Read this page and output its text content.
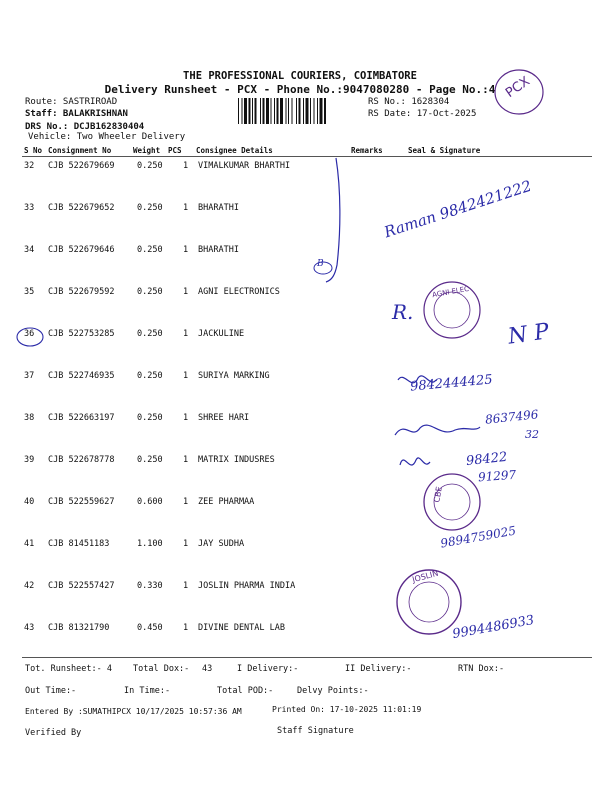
THE PROFESSIONAL COURIERS, COIMBATORE
Delivery Runsheet - PCX - Phone No.:9047080280 - Page No.:4
Route: SASTRIROAD
Staff: BALAKRISHNAN
DRS No.: DCJB162830404
Vehicle: Two Wheeler Delivery
RS No.: 1628304
RS Date: 17-Oct-2025
S No Consignment No	Weight PCS Consignee Details	Remarks	Seal & Signature
32 CJB 522679669	0.250 1 VIMALKUMAR BHARTHI
33 CJB 522679652	0.250 1 BHARATHI
34 CJB 522679646	0.250 1 BHARATHI
35 CJB 522679592	0.250 1 AGNI ELECTRONICS
36 CJB 522753285	0.250 1 JACKULINE
37 CJB 522746935	0.250 1 SURIYA MARKING
38 CJB 522663197	0.250 1 SHREE HARI
39 CJB 522678778	0.250 1 MATRIX INDUSRES
40 CJB 522559627	0.600 1 ZEE PHARMAA
41 CJB 81451183	1.100 1 JAY SUDHA
42 CJB 522557427	0.330 1 JOSLIN PHARMA INDIA
43 CJB 81321790	0.450 1 DIVINE DENTAL LAB
Tot. Runsheet:- 4 Total Dox:- 43	I Delivery:-	II Delivery:-	RTN Dox:-
Out Time:-	In Time:-	Total POD:-	Delvy Points:-
Entered By :SUMATHIPCX 10/17/2025 10:57:36 AM	Printed On: 17-10-2025 11:01:19
Verified By	Staff Signature
PCX
Raman 9842421222
B
R.
AGNI ELEC
N P
9842444425
8637496
32
98422
91297
CBE
9894759025
JOSLIN
9994486933
